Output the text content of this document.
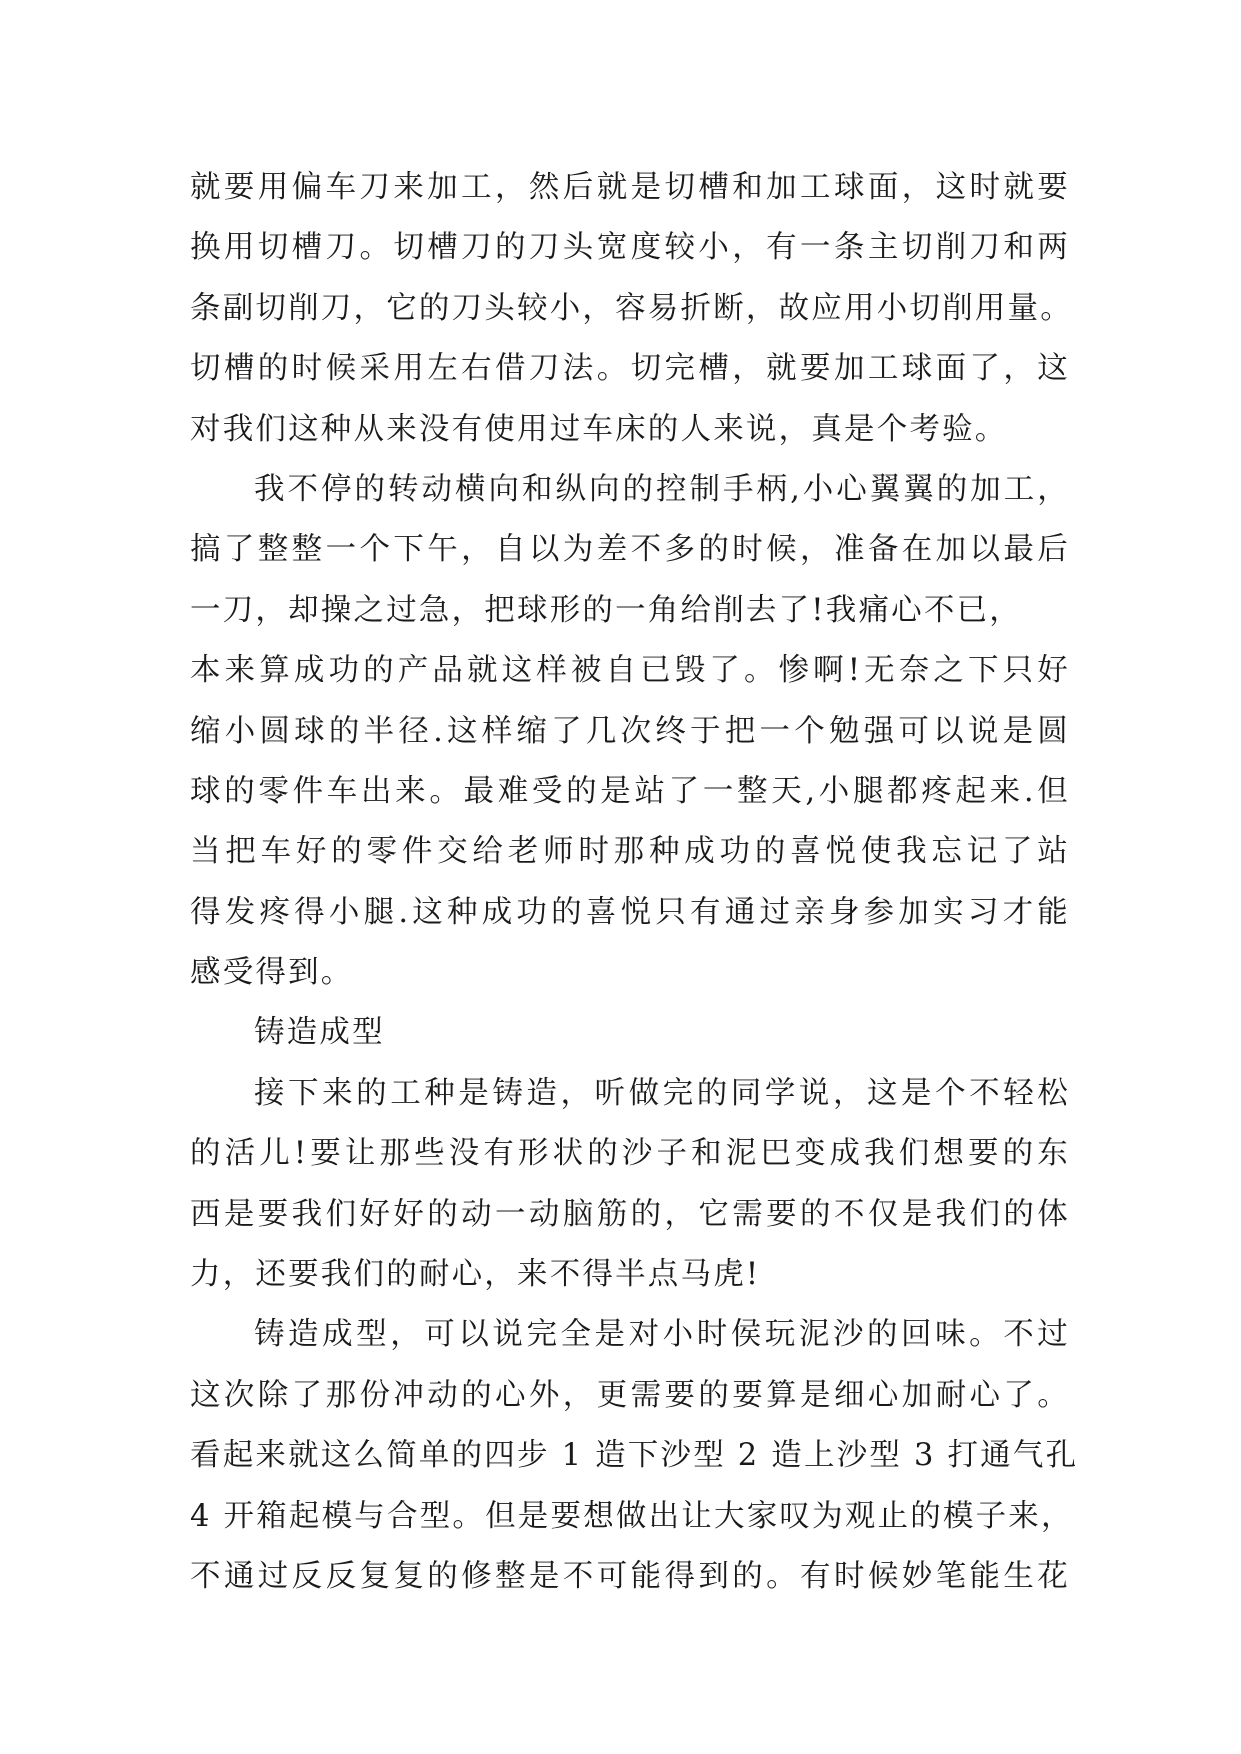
就要用偏车刀来加工，然后就是切槽和加工球面，这时就要
换用切槽刀。切槽刀的刀头宽度较小，有一条主切削刀和两
条副切削刀，它的刀头较小，容易折断，故应用小切削用量。
切槽的时候采用左右借刀法。切完槽，就要加工球面了，这
对我们这种从来没有使用过车床的人来说，真是个考验。
我不停的转动横向和纵向的控制手柄,小心翼翼的加工，
搞了整整一个下午，自以为差不多的时候，准备在加以最后
一刀，却操之过急，把球形的一角给削去了!我痛心不已，
本来算成功的产品就这样被自已毁了。惨啊!无奈之下只好
缩小圆球的半径.这样缩了几次终于把一个勉强可以说是圆
球的零件车出来。最难受的是站了一整天,小腿都疼起来.但
当把车好的零件交给老师时那种成功的喜悦使我忘记了站
得发疼得小腿.这种成功的喜悦只有通过亲身参加实习才能
感受得到。
铸造成型
接下来的工种是铸造，听做完的同学说，这是个不轻松
的活儿!要让那些没有形状的沙子和泥巴变成我们想要的东
西是要我们好好的动一动脑筋的，它需要的不仅是我们的体
力，还要我们的耐心，来不得半点马虎!
铸造成型，可以说完全是对小时侯玩泥沙的回味。不过
这次除了那份冲动的心外，更需要的要算是细心加耐心了。
看起来就这么简单的四步 1 造下沙型 2 造上沙型 3 打通气孔
4 开箱起模与合型。但是要想做出让大家叹为观止的模子来，
不通过反反复复的修整是不可能得到的。有时候妙笔能生花
